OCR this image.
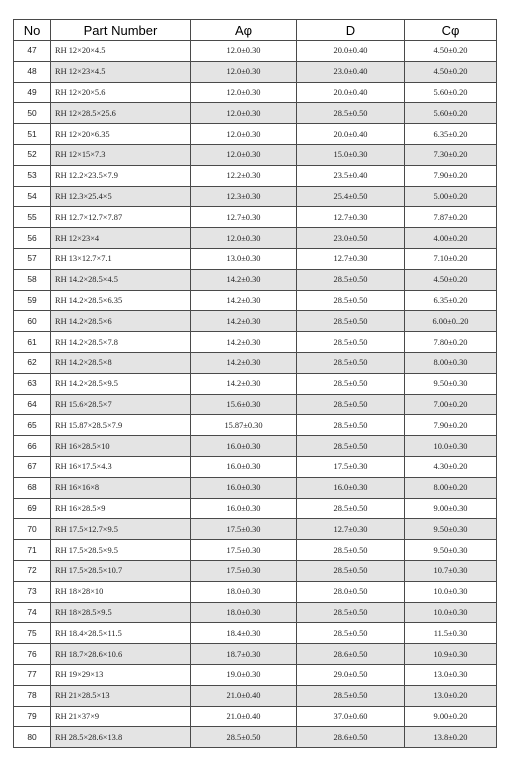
No	Part Number	Aφ	D	Cφ
47	RH 12×20×4.5	12.0±0.30	20.0±0.40	4.50±0.20
48	RH 12×23×4.5	12.0±0.30	23.0±0.40	4.50±0.20
49	RH 12×20×5.6	12.0±0.30	20.0±0.40	5.60±0.20
50	RH 12×28.5×25.6	12.0±0.30	28.5±0.50	5.60±0.20
51	RH 12×20×6.35	12.0±0.30	20.0±0.40	6.35±0.20
52	RH 12×15×7.3	12.0±0.30	15.0±0.30	7.30±0.20
53	RH 12.2×23.5×7.9	12.2±0.30	23.5±0.40	7.90±0.20
54	RH 12.3×25.4×5	12.3±0.30	25.4±0.50	5.00±0.20
55	RH 12.7×12.7×7.87	12.7±0.30	12.7±0.30	7.87±0.20
56	RH 12×23×4	12.0±0.30	23.0±0.50	4.00±0.20
57	RH 13×12.7×7.1	13.0±0.30	12.7±0.30	7.10±0.20
58	RH 14.2×28.5×4.5	14.2±0.30	28.5±0.50	4.50±0.20
59	RH 14.2×28.5×6.35	14.2±0.30	28.5±0.50	6.35±0.20
60	RH 14.2×28.5×6	14.2±0.30	28.5±0.50	6.00±0..20
61	RH 14.2×28.5×7.8	14.2±0.30	28.5±0.50	7.80±0.20
62	RH 14.2×28.5×8	14.2±0.30	28.5±0.50	8.00±0.30
63	RH 14.2×28.5×9.5	14.2±0.30	28.5±0.50	9.50±0.30
64	RH 15.6×28.5×7	15.6±0.30	28.5±0.50	7.00±0.20
65	RH 15.87×28.5×7.9	15.87±0.30	28.5±0.50	7.90±0.20
66	RH 16×28.5×10	16.0±0.30	28.5±0.50	10.0±0.30
67	RH 16×17.5×4.3	16.0±0.30	17.5±0.30	4.30±0.20
68	RH 16×16×8	16.0±0.30	16.0±0.30	8.00±0.20
69	RH 16×28.5×9	16.0±0.30	28.5±0.50	9.00±0.30
70	RH 17.5×12.7×9.5	17.5±0.30	12.7±0.30	9.50±0.30
71	RH 17.5×28.5×9.5	17.5±0.30	28.5±0.50	9.50±0.30
72	RH 17.5×28.5×10.7	17.5±0.30	28.5±0.50	10.7±0.30
73	RH 18×28×10	18.0±0.30	28.0±0.50	10.0±0.30
74	RH 18×28.5×9.5	18.0±0.30	28.5±0.50	10.0±0.30
75	RH 18.4×28.5×11.5	18.4±0.30	28.5±0.50	11.5±0.30
76	RH 18.7×28.6×10.6	18.7±0.30	28.6±0.50	10.9±0.30
77	RH 19×29×13	19.0±0.30	29.0±0.50	13.0±0.30
78	RH 21×28.5×13	21.0±0.40	28.5±0.50	13.0±0.20
79	RH 21×37×9	21.0±0.40	37.0±0.60	9.00±0.20
80	RH 28.5×28.6×13.8	28.5±0.50	28.6±0.50	13.8±0.20
